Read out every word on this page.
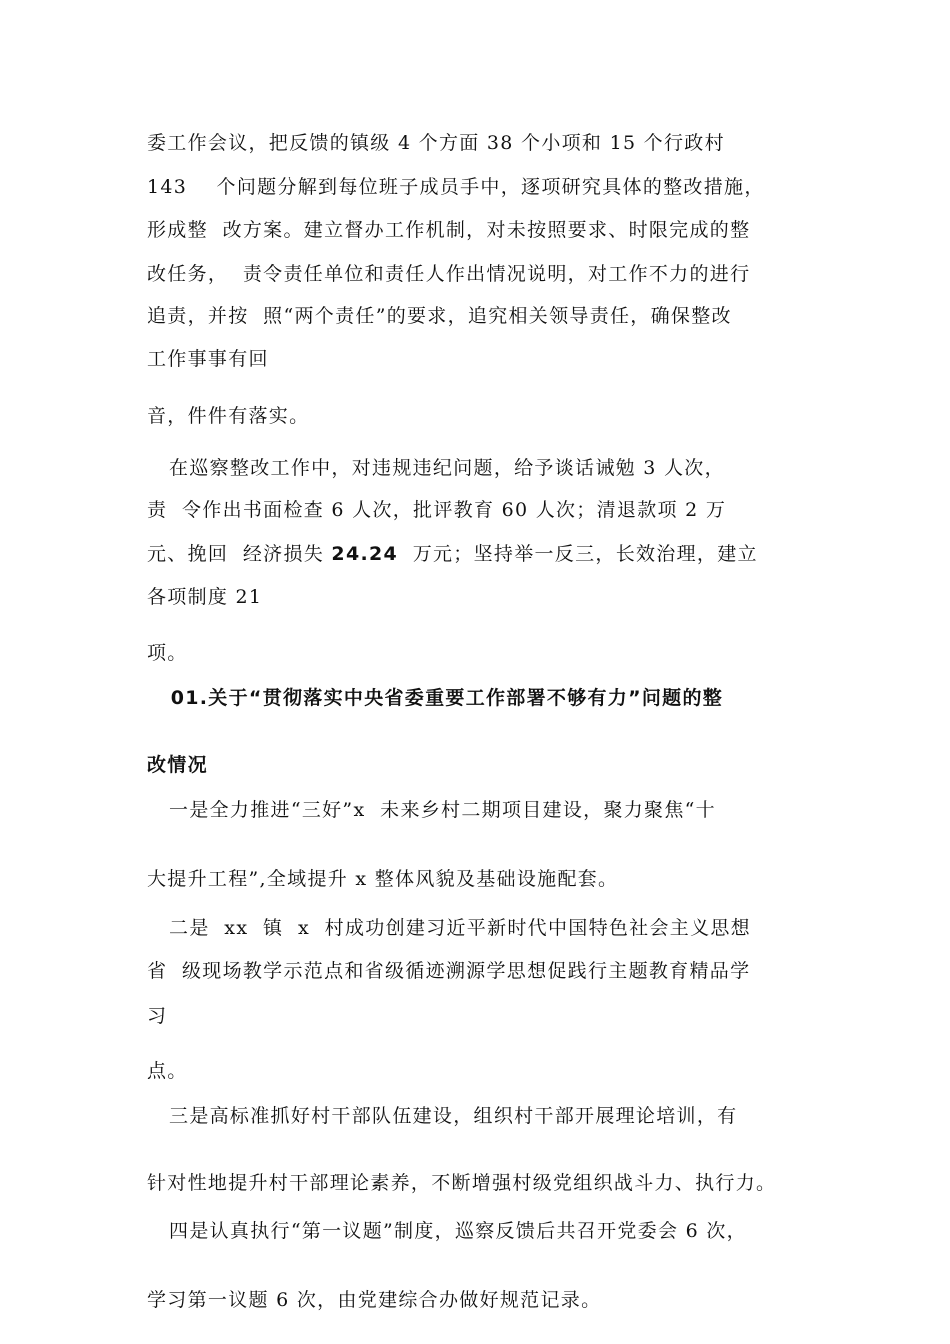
委工作会议，把反馈的镇级 4 个方面 38 个小项和 15 个行政村

143    个问题分解到每位班子成员手中，逐项研究具体的整改措施，

形成整  改方案。建立督办工作机制，对未按照要求、时限完成的整

改任务，  责令责任单位和责任人作出情况说明，对工作不力的进行

追责，并按  照“两个责任”的要求，追究相关领导责任，确保整改

工作事事有回

音，件件有落实。

在巡察整改工作中，对违规违纪问题，给予谈话诫勉 3 人次，

责  令作出书面检查 6 人次，批评教育 60 人次；清退款项 2 万

元、挽回  经济损失 24.24  万元；坚持举一反三，长效治理，建立

各项制度 21

项。

01.关于“贯彻落实中央省委重要工作部署不够有力”问题的整

改情况

一是全力推进“三好”x  未来乡村二期项目建设，聚力聚焦“十

大提升工程”,全域提升 x 整体风貌及基础设施配套。

二是  xx  镇  x  村成功创建习近平新时代中国特色社会主义思想

省  级现场教学示范点和省级循迹溯源学思想促践行主题教育精品学

习

点。

三是高标准抓好村干部队伍建设，组织村干部开展理论培训，有

针对性地提升村干部理论素养，不断增强村级党组织战斗力、执行力。

四是认真执行“第一议题”制度，巡察反馈后共召开党委会 6 次，

学习第一议题 6 次，由党建综合办做好规范记录。
